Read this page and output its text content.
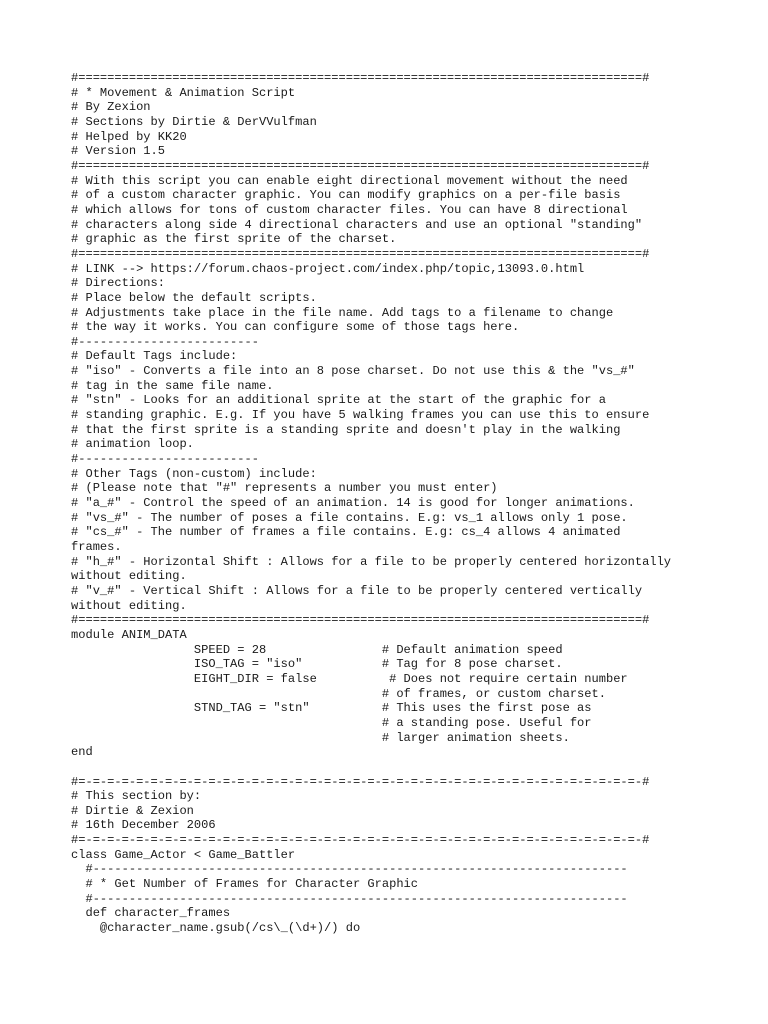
#==============================================================================#
# * Movement & Animation Script
# By Zexion
# Sections by Dirtie & DerVVulfman
# Helped by KK20
# Version 1.5
#==============================================================================#
# With this script you can enable eight directional movement without the need
# of a custom character graphic. You can modify graphics on a per-file basis
# which allows for tons of custom character files. You can have 8 directional
# characters along side 4 directional characters and use an optional "standing"
# graphic as the first sprite of the charset.
#==============================================================================#
# LINK --> https://forum.chaos-project.com/index.php/topic,13093.0.html
# Directions:
# Place below the default scripts.
# Adjustments take place in the file name. Add tags to a filename to change
# the way it works. You can configure some of those tags here.
#-------------------------
# Default Tags include:
# "iso" - Converts a file into an 8 pose charset. Do not use this & the "vs_#"
# tag in the same file name.
# "stn" - Looks for an additional sprite at the start of the graphic for a
# standing graphic. E.g. If you have 5 walking frames you can use this to ensure
# that the first sprite is a standing sprite and doesn't play in the walking
# animation loop.
#-------------------------
# Other Tags (non-custom) include:
# (Please note that "#" represents a number you must enter)
# "a_#" - Control the speed of an animation. 14 is good for longer animations.
# "vs_#" - The number of poses a file contains. E.g: vs_1 allows only 1 pose.
# "cs_#" - The number of frames a file contains. E.g: cs_4 allows 4 animated
frames.
# "h_#" - Horizontal Shift : Allows for a file to be properly centered horizontally
without editing.
# "v_#" - Vertical Shift : Allows for a file to be properly centered vertically
without editing.
#==============================================================================#
module ANIM_DATA
SPEED = 28                # Default animation speed
ISO_TAG = "iso"           # Tag for 8 pose charset.
EIGHT_DIR = false          # Does not require certain number
# of frames, or custom charset.
STND_TAG = "stn"          # This uses the first pose as
# a standing pose. Useful for
# larger animation sheets.
end
#=-=-=-=-=-=-=-=-=-=-=-=-=-=-=-=-=-=-=-=-=-=-=-=-=-=-=-=-=-=-=-=-=-=-=-=-=-=-=-#
# This section by:
# Dirtie & Zexion
# 16th December 2006
#=-=-=-=-=-=-=-=-=-=-=-=-=-=-=-=-=-=-=-=-=-=-=-=-=-=-=-=-=-=-=-=-=-=-=-=-=-=-=-#
class Game_Actor < Game_Battler
#--------------------------------------------------------------------------
# * Get Number of Frames for Character Graphic
#--------------------------------------------------------------------------
def character_frames
@character_name.gsub(/cs\_(\d+)/) do
